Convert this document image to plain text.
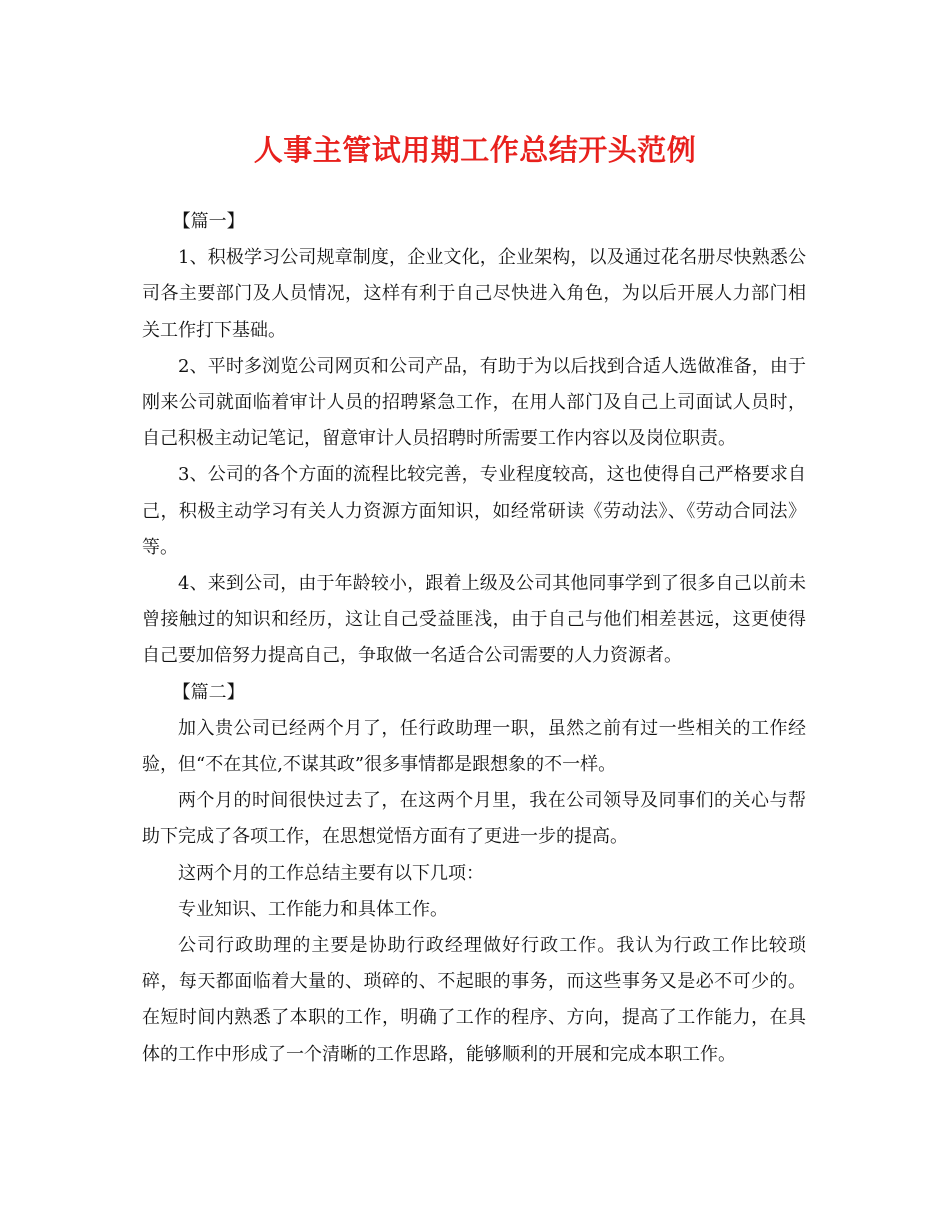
人事主管试用期工作总结开头范例

【篇一】

1、积极学习公司规章制度，企业文化，企业架构，以及通过花名册尽快熟悉公司各主要部门及人员情况，这样有利于自己尽快进入角色，为以后开展人力部门相关工作打下基础。

2、平时多浏览公司网页和公司产品，有助于为以后找到合适人选做准备，由于刚来公司就面临着审计人员的招聘紧急工作，在用人部门及自己上司面试人员时，自己积极主动记笔记，留意审计人员招聘时所需要工作内容以及岗位职责。

3、公司的各个方面的流程比较完善，专业程度较高，这也使得自己严格要求自己，积极主动学习有关人力资源方面知识，如经常研读《劳动法》、《劳动合同法》等。

4、来到公司，由于年龄较小，跟着上级及公司其他同事学到了很多自己以前未曾接触过的知识和经历，这让自己受益匪浅，由于自己与他们相差甚远，这更使得自己要加倍努力提高自己，争取做一名适合公司需要的人力资源者。

【篇二】

加入贵公司已经两个月了，任行政助理一职，虽然之前有过一些相关的工作经验，但“不在其位,不谋其政”很多事情都是跟想象的不一样。

两个月的时间很快过去了，在这两个月里，我在公司领导及同事们的关心与帮助下完成了各项工作，在思想觉悟方面有了更进一步的提高。

这两个月的工作总结主要有以下几项：

专业知识、工作能力和具体工作。

公司行政助理的主要是协助行政经理做好行政工作。我认为行政工作比较琐碎，每天都面临着大量的、琐碎的、不起眼的事务，而这些事务又是必不可少的。在短时间内熟悉了本职的工作，明确了工作的程序、方向，提高了工作能力，在具体的工作中形成了一个清晰的工作思路，能够顺利的开展和完成本职工作。
